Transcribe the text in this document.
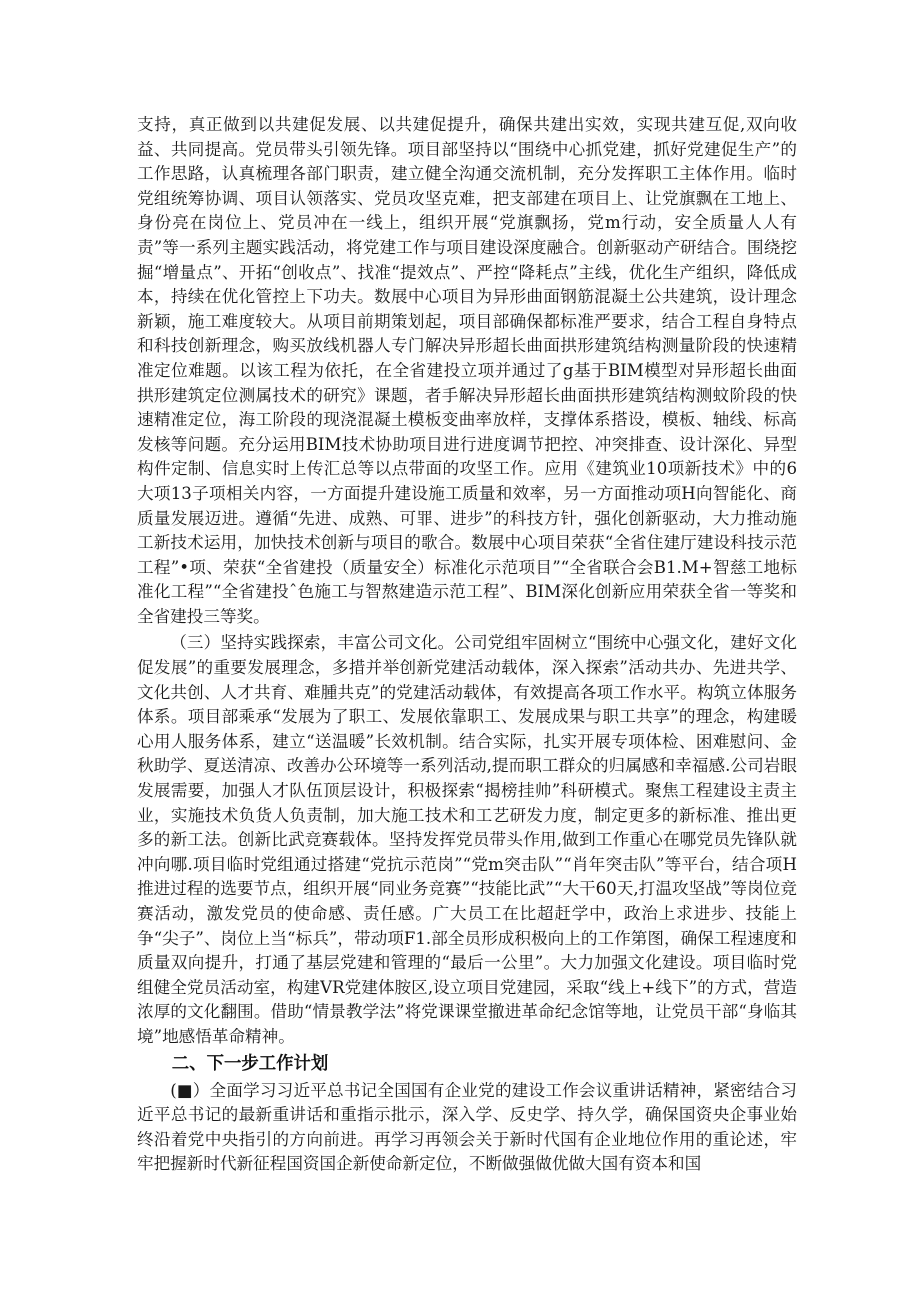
支持，真正做到以共建促发展、以共建促提升，确保共建出实效，实现共建互促,双向收益、共同提高。党员带头引领先锋。项目部坚持以“围绕中心抓党建，抓好党建促生产”的工作思路，认真梳理各部门职责，建立健全沟通交流机制，充分发挥职工主体作用。临时党组统筹协调、项目认领落实、党员攻坚克难，把支部建在项目上、让党旗飘在工地上、身份亮在岗位上、党员冲在一线上，组织开展“党旗飘扬，党m行动，安全质量人人有责”等一系列主题实践活动，将党建工作与项目建设深度融合。创新驱动产研结合。围绕挖掘“增量点”、开拓“创收点”、找准“提效点”、严控“降耗点”主线，优化生产组织，降低成本，持续在优化管控上下功夫。数展中心项目为异形曲面钢筋混凝土公共建筑，设计理念新颖，施工难度较大。从项目前期策划起，项目部确保都标准严要求，结合工程自身特点和科技创新理念，购买放线机器人专门解决异形超长曲面拱形建筑结构测量阶段的快速精准定位难题。以该工程为依托，在全省建投立项并通过了g基于BIM模型对异形超长曲面拱形建筑定位测属技术的研究》课题，者手解决异形超长曲面拱形建筑结构测蚊阶段的快速精准定位，海工阶段的现浇混凝土模板变曲率放样，支撑体系搭设，模板、轴线、标高发核等问题。充分运用BIM技术协助项目进行进度调节把控、冲突排查、设计深化、异型构件定制、信息实时上传汇总等以点带面的攻坚工作。应用《建筑业10项新技术》中的6大项13子项相关内容，一方面提升建设施工质量和效率，另一方面推动项H向智能化、商质量发展迈进。遵循“先进、成熟、可罪、进步”的科技方针，强化创新驱动，大力推动施工新技术运用，加快技术创新与项目的歌合。数展中心项目荣获“全省住建厅建设科技示范工程”•项、荣获“全省建投（质量安全）标准化示范项目”“全省联合会B1.M+智慈工地标准化工程”“全省建投ˆ色施工与智熬建造示范工程”、BIM深化创新应用荣获全省一等奖和全省建投三等奖。

（三）坚持实践探索，丰富公司文化。公司党组牢固树立“围统中心强文化，建好文化促发展”的重要发展理念，多措并举创新党建活动载体，深入探索”活动共办、先进共学、文化共创、人才共育、难腫共克”的党建活动载体，有效提高各项工作水平。构筑立体服务体系。项目部乘承“发展为了职工、发展依靠职工、发展成果与职工共享”的理念，构建暖心用人服务体系，建立“送温暖”长效机制。结合实际，扎实开展专项体检、困难慰问、金秋助学、夏送清凉、改善办公环境等一系列活动,提而职工群众的归属感和幸福感.公司岩眼发展需要，加强人才队伍顶层设计，积极探索“揭榜挂帅”科研模式。聚焦工程建设主责主业，实施技术负货人负责制，加大施工技术和工艺研发力度，制定更多的新标准、推出更多的新工法。创新比武竞赛载体。坚持发挥党员带头作用,做到工作重心在哪党员先锋队就冲向哪.项目临时党组通过搭建“党抗示范岗”“党m突击队”“肖年突击队”等平台，结合项H推进过程的选要节点，组织开展“同业务竞赛”“技能比武”“大干60天,打温攻坚战”等岗位竞赛活动，激发党员的使命感、责任感。广大员工在比超赶学中，政治上求进步、技能上争“尖子”、岗位上当“标兵”，带动项F1.部全员形成积极向上的工作第图，确保工程速度和质量双向提升，打通了基层党建和管理的“最后一公里”。大力加强文化建设。项目临时党组健全党员活动室，构建VR党建体胺区,设立项目党建园，采取“线上+线下”的方式，营造浓厚的文化翻围。借助“情景教学法”将党课课堂撤进革命纪念馆等地，让党员干部“身临其境”地感悟革命精神。

二、下一步工作计划

(■）全面学习习近平总书记全国国有企业党的建设工作会议重讲话精神，紧密结合习近平总书记的最新重讲话和重指示批示，深入学、反史学、持久学，确保国资央企事业始终沿着党中央指引的方向前进。再学习再领会关于新时代国有企业地位作用的重论述，牢牢把握新时代新征程国资国企新使命新定位，不断做强做优做大国有资本和国
